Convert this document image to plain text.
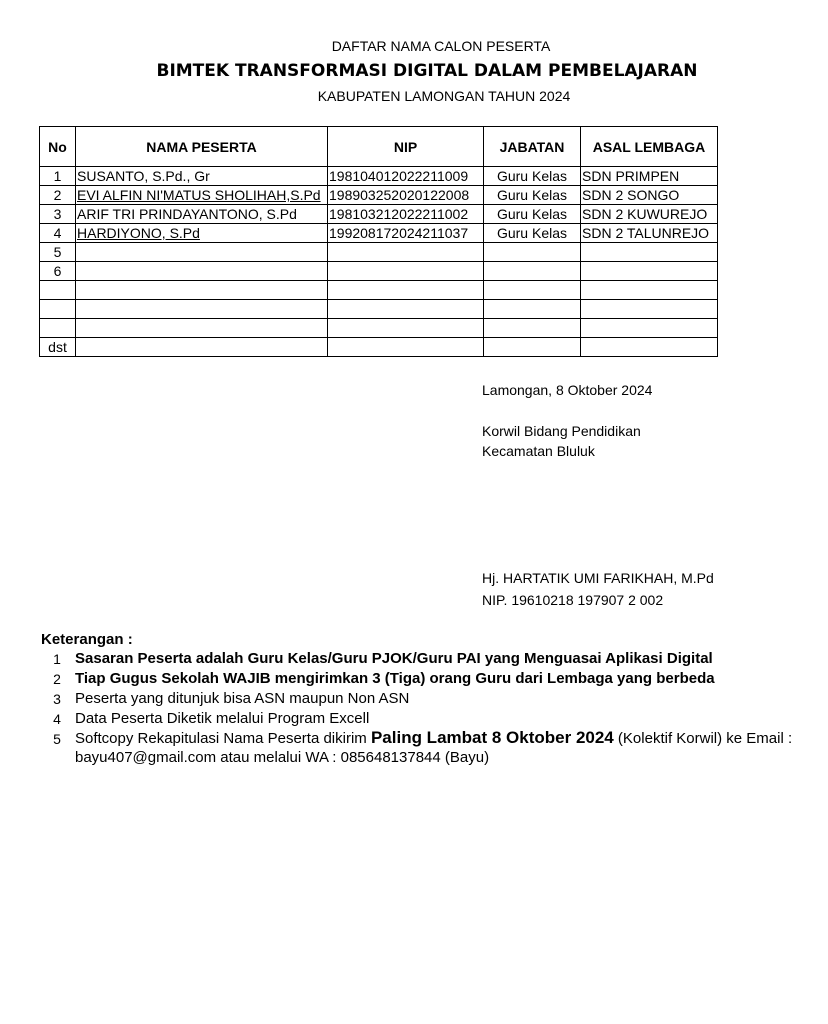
DAFTAR NAMA CALON PESERTA
BIMTEK TRANSFORMASI DIGITAL DALAM PEMBELAJARAN
KABUPATEN LAMONGAN TAHUN 2024
No	NAMA PESERTA	NIP	JABATAN	ASAL LEMBAGA
1	SUSANTO, S.Pd., Gr	198104012022211009	Guru Kelas	SDN PRIMPEN
2	EVI ALFIN NI'MATUS SHOLIHAH,S.Pd	198903252020122008	Guru Kelas	SDN 2 SONGO
3	ARIF TRI PRINDAYANTONO, S.Pd	198103212022211002	Guru Kelas	SDN 2 KUWUREJO
4	HARDIYONO, S.Pd	199208172024211037	Guru Kelas	SDN 2 TALUNREJO
5				
6				

dst				
Lamongan, 8 Oktober 2024
Korwil Bidang Pendidikan
Kecamatan Bluluk
Hj. HARTATIK UMI FARIKHAH, M.Pd
NIP. 19610218 197907 2 002
Keterangan :
1 Sasaran Peserta adalah Guru Kelas/Guru PJOK/Guru PAI yang Menguasai Aplikasi Digital
2 Tiap Gugus Sekolah WAJIB mengirimkan 3 (Tiga) orang Guru dari Lembaga yang berbeda
3 Peserta yang ditunjuk bisa ASN maupun Non ASN
4 Data Peserta Diketik melalui Program Excell
5 Softcopy Rekapitulasi Nama Peserta dikirim Paling Lambat 8 Oktober 2024 (Kolektif Korwil) ke Email :
bayu407@gmail.com atau melalui WA : 085648137844 (Bayu)
